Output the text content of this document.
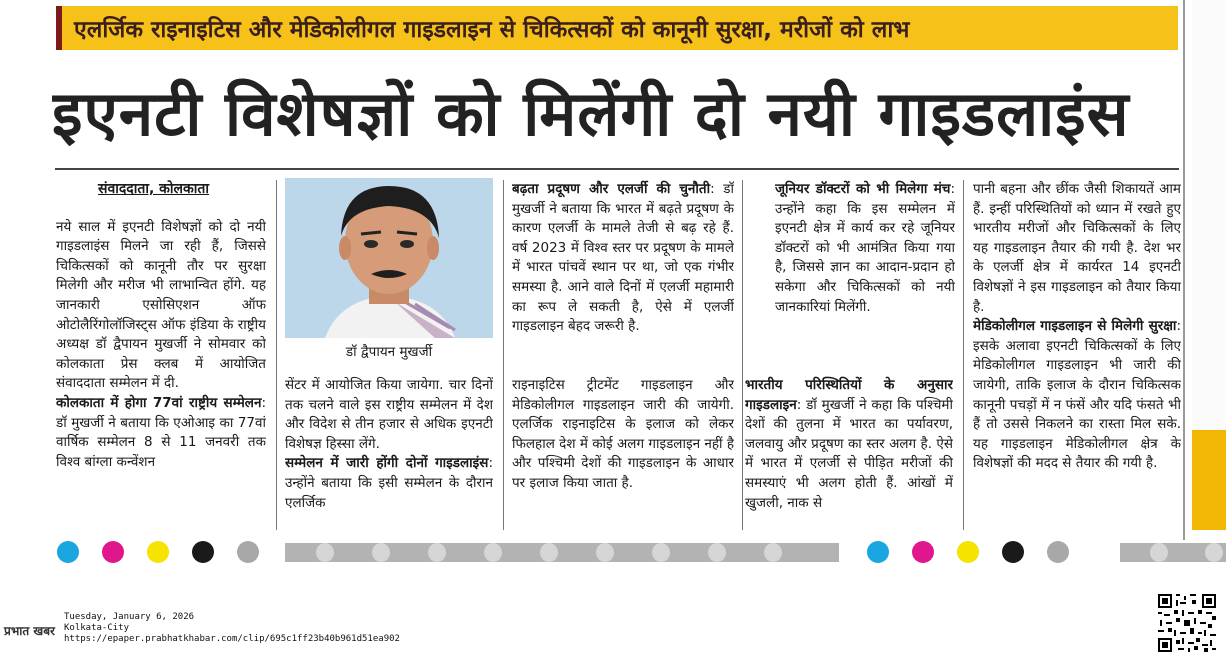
एलर्जिक राइनाइटिस और मेडिकोलीगल गाइडलाइन से चिकित्सकों को कानूनी सुरक्षा, मरीजों को लाभ
इएनटी विशेषज्ञों को मिलेंगी दो नयी गाइडलाइंस
संवाददाता, कोलकाता

नये साल में इएनटी विशेषज्ञों को दो नयी गाइडलाइंस मिलने जा रही हैं, जिससे चिकित्सकों को कानूनी तौर पर सुरक्षा मिलेगी और मरीज भी लाभान्वित होंगे. यह जानकारी एसोसिएशन ऑफ ओटोलैरिंगोलॉजिस्ट्स ऑफ इंडिया के राष्ट्रीय अध्यक्ष डॉ द्वैपायन मुखर्जी ने सोमवार को कोलकाता प्रेस क्लब में आयोजित संवाददाता सम्मेलन में दी.

कोलकाता में होगा 77वां राष्ट्रीय सम्मेलन: डॉ मुखर्जी ने बताया कि एओआइ का 77वां वार्षिक सम्मेलन 8 से 11 जनवरी तक विश्व बांग्ला कन्वेंशन

डॉ द्वैपायन मुखर्जी

सेंटर में आयोजित किया जायेगा. चार दिनों तक चलने वाले इस राष्ट्रीय सम्मेलन में देश और विदेश से तीन हजार से अधिक इएनटी विशेषज्ञ हिस्सा लेंगे.

सम्मेलन में जारी होंगी दोनों गाइडलाइंस: उन्होंने बताया कि इसी सम्मेलन के दौरान एलर्जिक

बढ़ता प्रदूषण और एलर्जी की चुनौती: डॉ मुखर्जी ने बताया कि भारत में बढ़ते प्रदूषण के कारण एलर्जी के मामले तेजी से बढ़ रहे हैं. वर्ष 2023 में विश्व स्तर पर प्रदूषण के मामले में भारत पांचवें स्थान पर था, जो एक गंभीर समस्या है. आने वाले दिनों में एलर्जी महामारी का रूप ले सकती है, ऐसे में एलर्जी गाइडलाइन बेहद जरूरी है.

राइनाइटिस ट्रीटमेंट गाइडलाइन और मेडिकोलीगल गाइडलाइन जारी की जायेगी. एलर्जिक राइनाइटिस के इलाज को लेकर फिलहाल देश में कोई अलग गाइडलाइन नहीं है और पश्चिमी देशों की गाइडलाइन के आधार पर इलाज किया जाता है.

जूनियर डॉक्टरों को भी मिलेगा मंच: उन्होंने कहा कि इस सम्मेलन में इएनटी क्षेत्र में कार्य कर रहे जूनियर डॉक्टरों को भी आमंत्रित किया गया है, जिससे ज्ञान का आदान-प्रदान हो सकेगा और चिकित्सकों को नयी जानकारियां मिलेंगी.

भारतीय परिस्थितियों के अनुसार गाइडलाइन: डॉ मुखर्जी ने कहा कि पश्चिमी देशों की तुलना में भारत का पर्यावरण, जलवायु और प्रदूषण का स्तर अलग है. ऐसे में भारत में एलर्जी से पीड़ित मरीजों की समस्याएं भी अलग होती हैं. आंखों में खुजली, नाक से

पानी बहना और छींक जैसी शिकायतें आम हैं. इन्हीं परिस्थितियों को ध्यान में रखते हुए भारतीय मरीजों और चिकित्सकों के लिए यह गाइडलाइन तैयार की गयी है. देश भर के एलर्जी क्षेत्र में कार्यरत 14 इएनटी विशेषज्ञों ने इस गाइडलाइन को तैयार किया है.

मेडिकोलीगल गाइडलाइन से मिलेगी सुरक्षा: इसके अलावा इएनटी चिकित्सकों के लिए मेडिकोलीगल गाइडलाइन भी जारी की जायेगी, ताकि इलाज के दौरान चिकित्सक कानूनी पचड़ों में न फंसें और यदि फंसते भी हैं तो उससे निकलने का रास्ता मिल सके. यह गाइडलाइन मेडिकोलीगल क्षेत्र के विशेषज्ञों की मदद से तैयार की गयी है.

प्रभात खबर
Tuesday, January 6, 2026
Kolkata-City
https://epaper.prabhatkhabar.com/clip/695c1ff23b40b961d51ea902
